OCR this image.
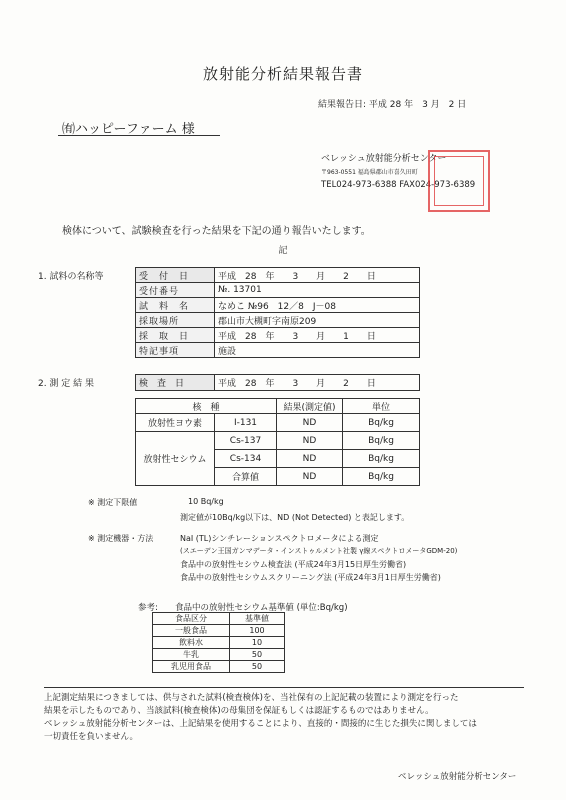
放射能分析結果報告書
結果報告日: 平成 28 年　3 月　2 日
㈲ハッピーファーム 様
ベレッシュ放射能分析センター
〒963-0551 福島県郡山市喜久田町
TEL024-973-6388 FAX024-973-6389
検体について、試験検査を行った結果を下記の通り報告いたします。
記
1. 試料の名称等	受　付　日	平成　28　年　　3　　月　　2　　日
受付番号	№. 13701
試　料　名	なめこ №96　12／8　J－08
採取場所	郡山市大槻町字南原209
採　取　日	平成　28　年　　3　　月　　1　　日
特記事項	施設
2. 測 定 結 果	検　査　日	平成　28　年　　3　　月　　2　　日
核　種		結果(測定値)	単位
放射性ヨウ素	I-131	ND	Bq/kg
放射性セシウム	Cs-137	ND	Bq/kg
	Cs-134	ND	Bq/kg
	合算値	ND	Bq/kg
※ 測定下限値	10 Bq/kg
測定値が10Bq/kg以下は、ND (Not Detected) と表記します。
※ 測定機器・方法	NaI (TL)シンチレーションスペクトロメータによる測定
(スエーデン王国ガンマデータ・インストゥルメント社製 γ線スペクトロメータGDM-20)
食品中の放射性セシウム検査法 (平成24年3月15日厚生労働省)
食品中の放射性セシウムスクリーニング法 (平成24年3月1日厚生労働省)
参考: 食品中の放射性セシウム基準値 (単位:Bq/kg)
食品区分	基準値
一般食品	100
飲料水	10
牛乳	50
乳児用食品	50
上記測定結果につきましては、供与された試料(検査検体)を、当社保有の上記記載の装置により測定を行った
結果を示したものであり、当該試料(検査検体)の母集団を保証もしくは認証するものではありません。
ベレッシュ放射能分析センターは、上記結果を使用することにより、直接的・間接的に生じた損失に関しましては
一切責任を負いません。
ベレッシュ放射能分析センター
